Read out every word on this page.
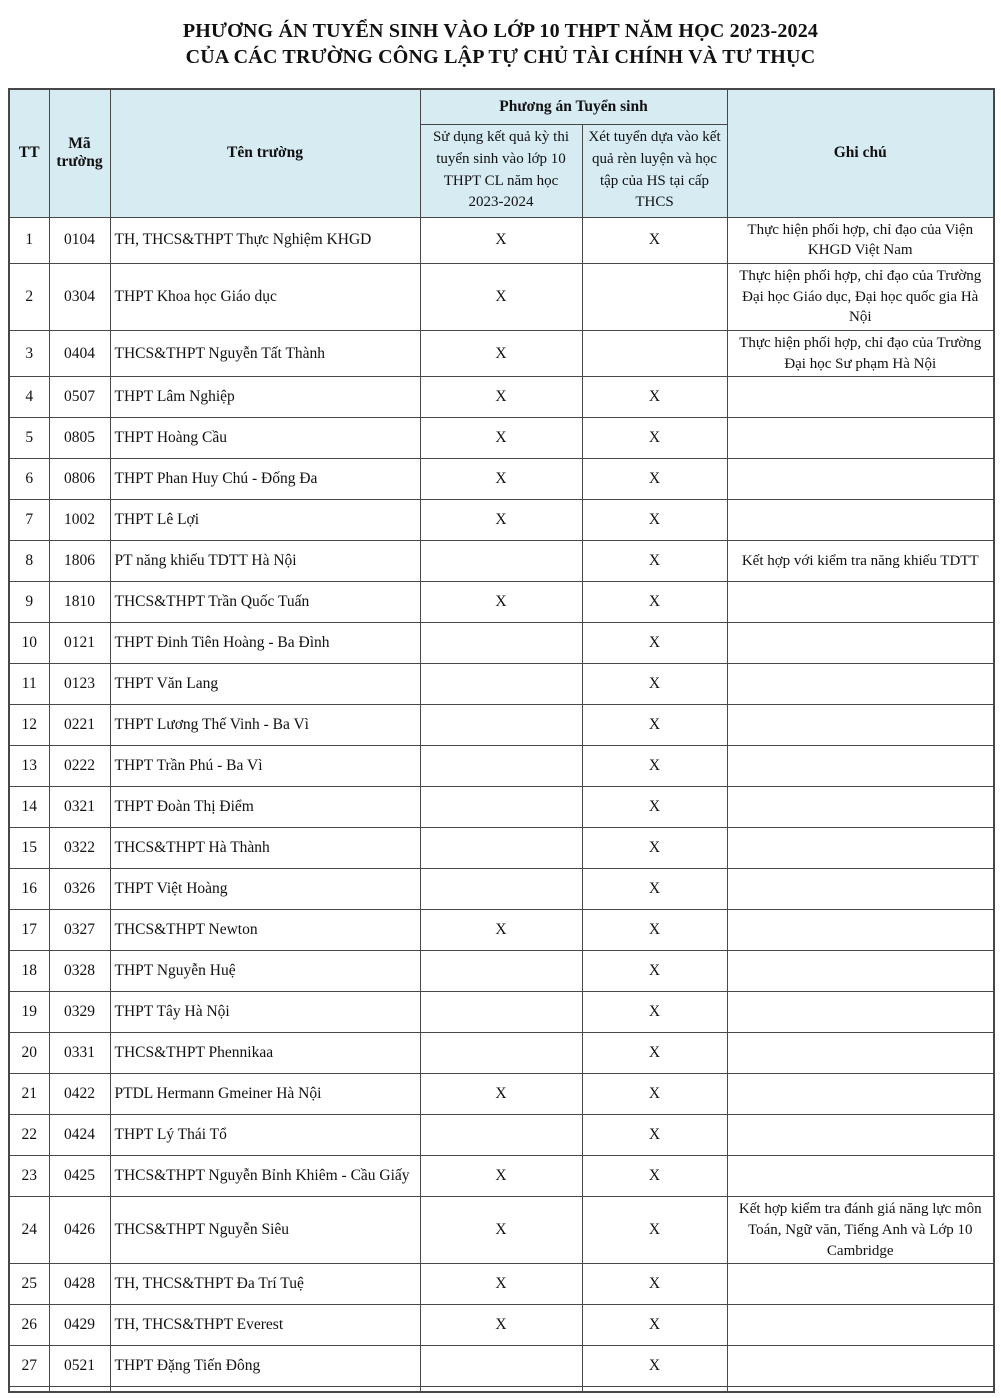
PHƯƠNG ÁN TUYỂN SINH VÀO LỚP 10 THPT NĂM HỌC 2023-2024
CỦA CÁC TRƯỜNG CÔNG LẬP TỰ CHỦ TÀI CHÍNH VÀ TƯ THỤC
TT	Mã trường	Tên trường	Phương án Tuyển sinh		Ghi chú
			Sử dụng kết quả kỳ thi tuyển sinh vào lớp 10 THPT CL năm học 2023-2024	Xét tuyển dựa vào kết quả rèn luyện và học tập của HS tại cấp THCS	
1	0104	TH, THCS&THPT Thực Nghiệm KHGD	X	X	Thực hiện phối hợp, chỉ đạo của Viện KHGD Việt Nam
2	0304	THPT Khoa học Giáo dục	X		Thực hiện phối hợp, chỉ đạo của Trường Đại học Giáo dục, Đại học quốc gia Hà Nội
3	0404	THCS&THPT Nguyễn Tất Thành	X		Thực hiện phối hợp, chỉ đạo của Trường Đại học Sư phạm Hà Nội
4	0507	THPT Lâm Nghiệp	X	X	
5	0805	THPT Hoàng Cầu	X	X	
6	0806	THPT Phan Huy Chú - Đống Đa	X	X	
7	1002	THPT Lê Lợi	X	X	
8	1806	PT năng khiếu TDTT Hà Nội		X	Kết hợp với kiểm tra năng khiếu TDTT
9	1810	THCS&THPT Trần Quốc Tuấn	X	X	
10	0121	THPT Đinh Tiên Hoàng - Ba Đình		X	
11	0123	THPT Văn Lang		X	
12	0221	THPT Lương Thế Vinh - Ba Vì		X	
13	0222	THPT Trần Phú - Ba Vì		X	
14	0321	THPT Đoàn Thị Điểm		X	
15	0322	THCS&THPT Hà Thành		X	
16	0326	THPT Việt Hoàng		X	
17	0327	THCS&THPT Newton	X	X	
18	0328	THPT Nguyễn Huệ		X	
19	0329	THPT Tây Hà Nội		X	
20	0331	THCS&THPT Phennikaa		X	
21	0422	PTDL Hermann Gmeiner Hà Nội	X	X	
22	0424	THPT Lý Thái Tổ		X	
23	0425	THCS&THPT Nguyễn Bỉnh Khiêm - Cầu Giấy	X	X	
24	0426	THCS&THPT Nguyễn Siêu	X	X	Kết hợp kiểm tra đánh giá năng lực môn Toán, Ngữ văn, Tiếng Anh và Lớp 10 Cambridge
25	0428	TH, THCS&THPT Đa Trí Tuệ	X	X	
26	0429	TH, THCS&THPT Everest	X	X	
27	0521	THPT Đặng Tiến Đông		X	
